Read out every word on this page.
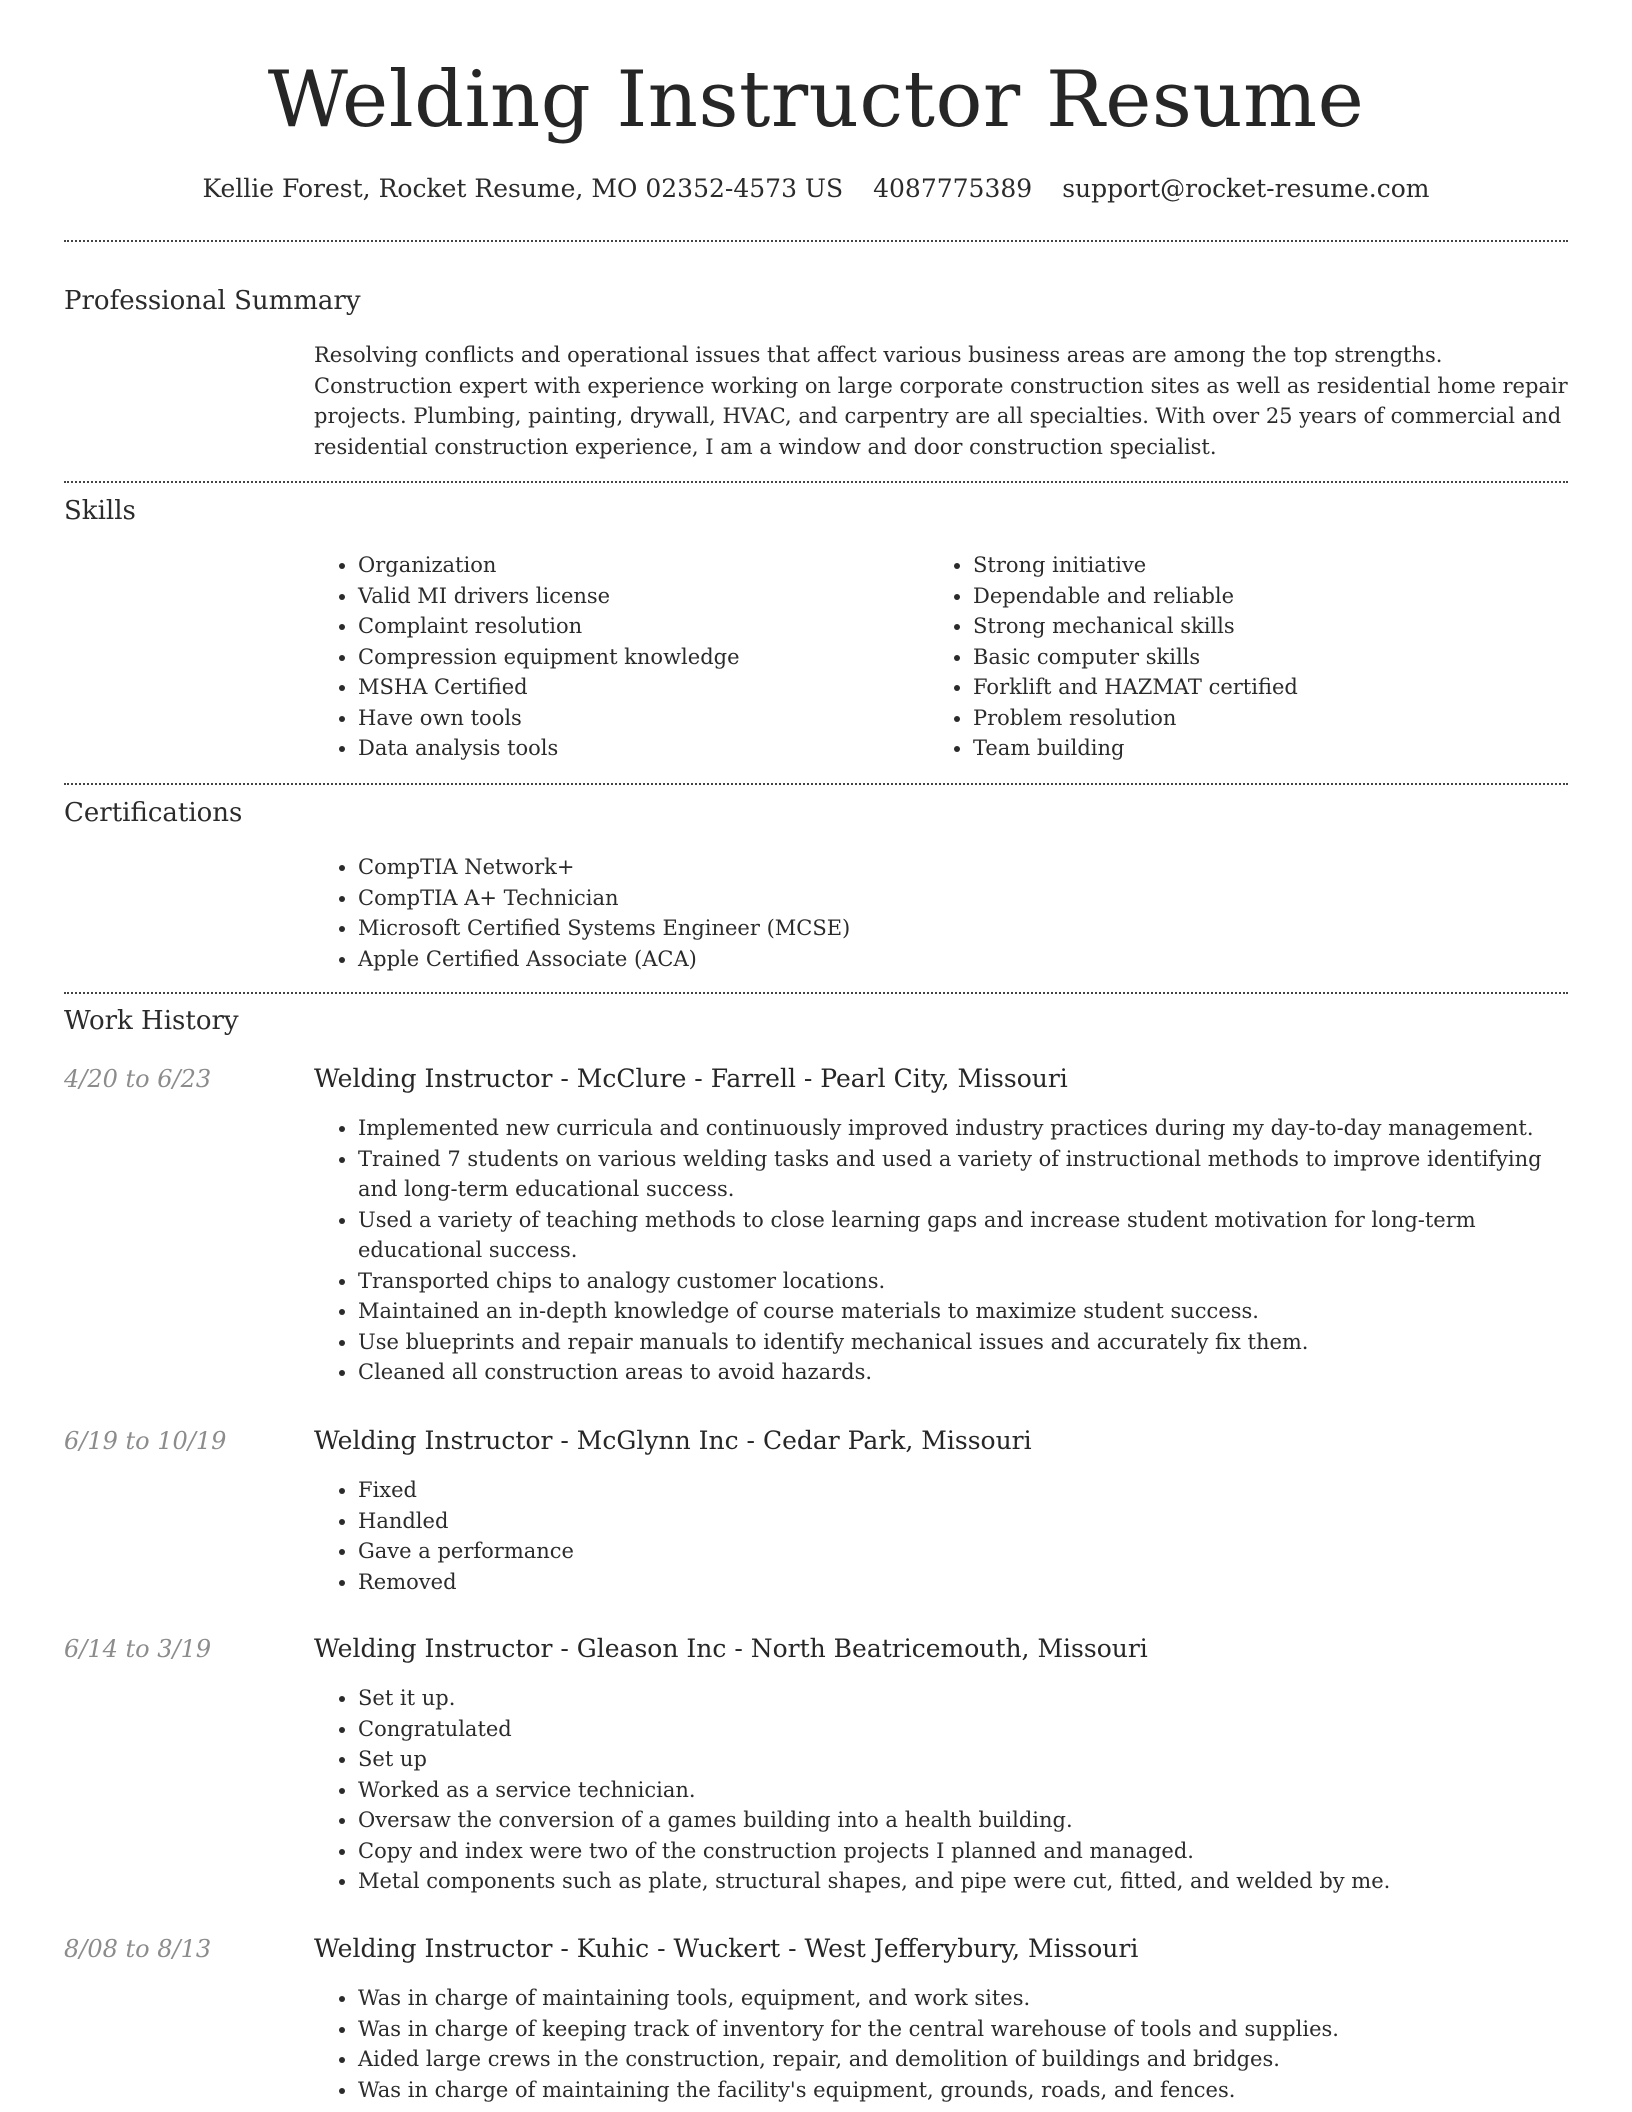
Welding Instructor Resume
Kellie Forest, Rocket Resume, MO 02352-4573 US 4087775389 support@rocket-resume.com
Professional Summary
Resolving conflicts and operational issues that affect various business areas are among the top strengths. Construction expert with experience working on large corporate construction sites as well as residential home repair projects. Plumbing, painting, drywall, HVAC, and carpentry are all specialties. With over 25 years of commercial and residential construction experience, I am a window and door construction specialist.
Skills
• Organization
• Valid MI drivers license
• Complaint resolution
• Compression equipment knowledge
• MSHA Certified
• Have own tools
• Data analysis tools
• Strong initiative
• Dependable and reliable
• Strong mechanical skills
• Basic computer skills
• Forklift and HAZMAT certified
• Problem resolution
• Team building
Certifications
• CompTIA Network+
• CompTIA A+ Technician
• Microsoft Certified Systems Engineer (MCSE)
• Apple Certified Associate (ACA)
Work History
4/20 to 6/23	Welding Instructor - McClure - Farrell - Pearl City, Missouri
• Implemented new curricula and continuously improved industry practices during my day-to-day management.
• Trained 7 students on various welding tasks and used a variety of instructional methods to improve identifying and long-term educational success.
• Used a variety of teaching methods to close learning gaps and increase student motivation for long-term educational success.
• Transported chips to analogy customer locations.
• Maintained an in-depth knowledge of course materials to maximize student success.
• Use blueprints and repair manuals to identify mechanical issues and accurately fix them.
• Cleaned all construction areas to avoid hazards.
6/19 to 10/19	Welding Instructor - McGlynn Inc - Cedar Park, Missouri
• Fixed
• Handled
• Gave a performance
• Removed
6/14 to 3/19	Welding Instructor - Gleason Inc - North Beatricemouth, Missouri
• Set it up.
• Congratulated
• Set up
• Worked as a service technician.
• Oversaw the conversion of a games building into a health building.
• Copy and index were two of the construction projects I planned and managed.
• Metal components such as plate, structural shapes, and pipe were cut, fitted, and welded by me.
8/08 to 8/13	Welding Instructor - Kuhic - Wuckert - West Jefferybury, Missouri
• Was in charge of maintaining tools, equipment, and work sites.
• Was in charge of keeping track of inventory for the central warehouse of tools and supplies.
• Aided large crews in the construction, repair, and demolition of buildings and bridges.
• Was in charge of maintaining the facility's equipment, grounds, roads, and fences.
